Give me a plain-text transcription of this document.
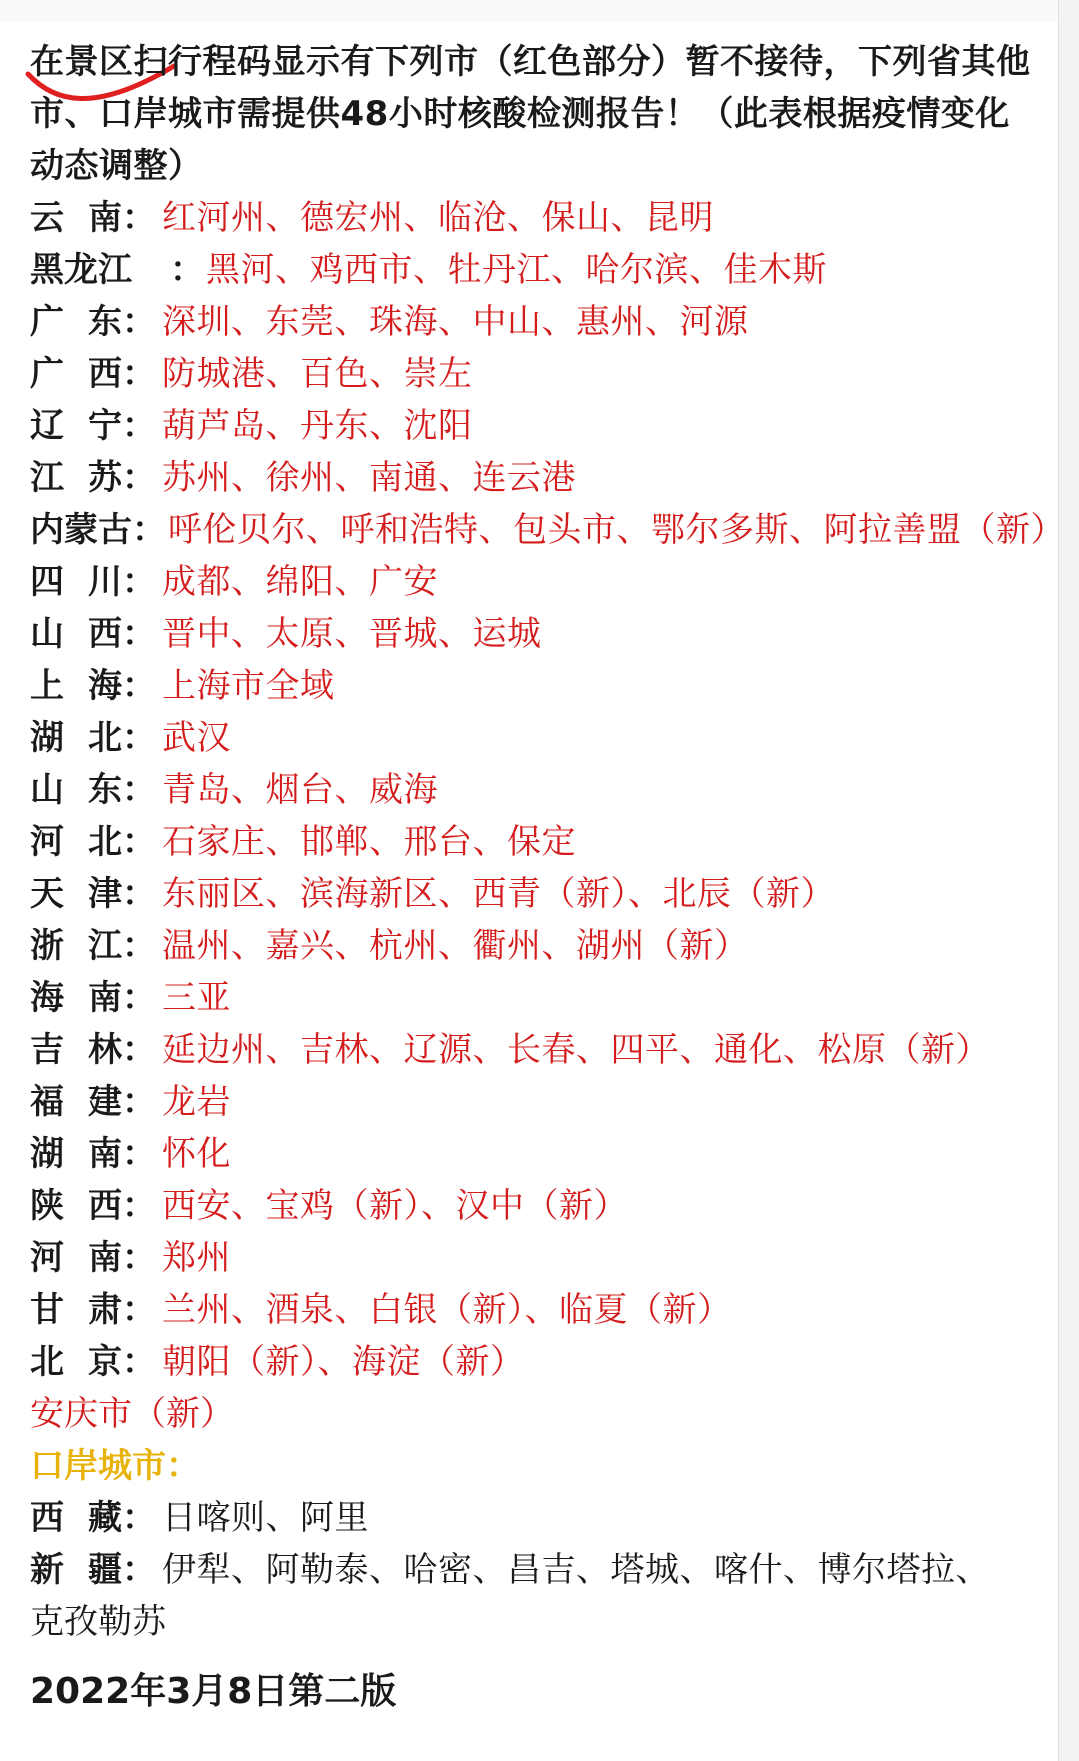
在景区扫行程码显示有下列市（红色部分）暂不接待，下列省其他市、口岸城市需提供48小时核酸检测报告！（此表根据疫情变化动态调整）

云 南 ： 红河州、德宏州、临沧、保山、昆明
黑龙江	： 黑河、鸡西市、牡丹江、哈尔滨、佳木斯
广 东 ： 深圳、东莞、珠海、中山、惠州、河源
广 西 ： 防城港、百色、崇左
辽 宁 ： 葫芦岛、丹东、沈阳
江 苏 ： 苏州、徐州、南通、连云港
内蒙古 ： 呼伦贝尔、呼和浩特、包头市、鄂尔多斯、阿拉善盟（新）
四 川 ： 成都、绵阳、广安
山 西 ： 晋中、太原、晋城、运城
上 海 ： 上海市全域
湖 北 ： 武汉
山 东 ： 青岛、烟台、威海
河 北 ： 石家庄、邯郸、邢台、保定
天 津 ： 东丽区、滨海新区、西青（新）、北辰（新）
浙 江 ： 温州、嘉兴、杭州、衢州、湖州（新）
海 南 ： 三亚
吉 林 ： 延边州、吉林、辽源、长春、四平、通化、松原（新）
福 建 ： 龙岩
湖 南 ： 怀化
陕 西 ： 西安、宝鸡（新）、汉中（新）
河 南 ： 郑州
甘 肃 ： 兰州、酒泉、白银（新）、临夏（新）
北 京 ： 朝阳（新）、海淀（新）
安庆市（新）
口岸城市：
西 藏 ： 日喀则、阿里
新 疆 ： 伊犁、阿勒泰、哈密、昌吉、塔城、喀什、博尔塔拉、
克孜勒苏
2022年3月8日第二版
